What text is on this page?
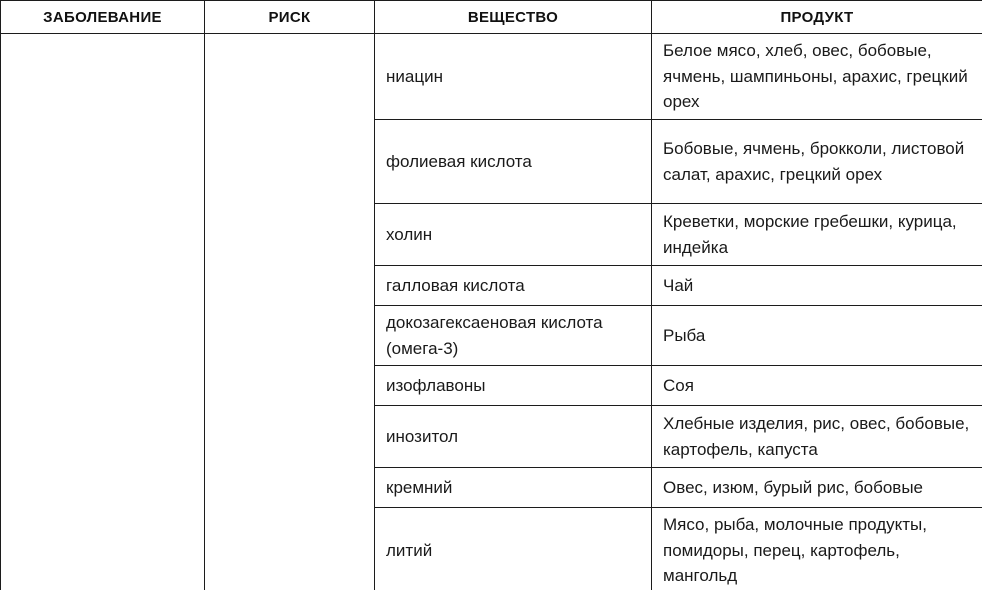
ЗАБОЛЕВАНИЕ	РИСК	ВЕЩЕСТВО	ПРОДУКТ
		ниацин	Белое мясо, хлеб, овес, бобовые, ячмень, шампиньоны, арахис, грецкий орех
		фолиевая кислота	Бобовые, ячмень, брокколи, листовой салат, арахис, грецкий орех
		холин	Креветки, морские гребешки, курица, индейка
		галловая кислота	Чай
		докозагексаеновая кислота (омега-3)	Рыба
		изофлавоны	Соя
		инозитол	Хлебные изделия, рис, овес, бобовые, картофель, капуста
		кремний	Овес, изюм, бурый рис, бобовые
		литий	Мясо, рыба, молочные продукты, помидоры, перец, картофель, мангольд
